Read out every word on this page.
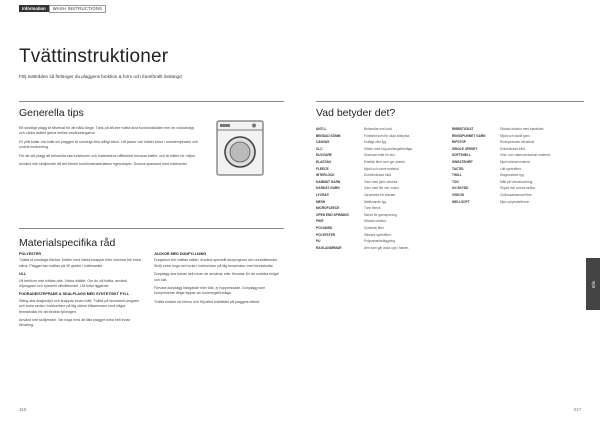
Information	WASH INSTRUCTIONS
Tvättinstruktioner
Följ tvättråden så förlänger du plaggens funktion & form och framförallt livslängd
Generella tips

Ett skickligt plagg är tillverkat för att hålla länge. Tänk på att inte tvätta dina funktionskläder mer än nödvändigt och vädra istället gärna mellan användningarna.

Fri plåt kullar och tvätt om plaggen är smutsigt eller dåligt skick. Låt jackor och kläder torka i rumstemperatur och undvik torktumling.

För att det plagg att behandla ska funktionen och materialens hållbarhet bevaras bättre, och är bättre för miljön.

Använd inte sköljmedel då det förstör funktionsmaterialens egenskaper. Dosera sparsamt med tvättmedel.

Materialspecifika råd

POLYESTER
Tvätta ut smutsiga fläckar. Kläder med hårda knappar eller sömmar blir extra slitna. Plagget kan tvättas på 40 grader i tvättmaskin.

ULL
Ull behöver inte tvättas ofta. Vädra istället. Om du vill tvätta, använd ullprogram och speciellt ulltvättmedel. Låt torka liggande.

FODRADE/STEPPADE & SKALPLAGG MED SYNTETISKT FYLL
Stäng alla dragkedjor och knappar innan tvätt. Tvätta på skonsamt program och torka sedan i torktumlare på låg värme tillsammans med några tennisbollar för att fördela fyllningen.

Använd inte sköljmedel. Var noga med att låta plagget torka helt innan förvaring.

JACKOR MED DUNFYLLNING
Dunjackor bör tvättas sällan. Använd speciellt dunprogram och duntvättmedel. Skölj extra noga och torka i torktumlare på låg temperatur med tennisbollar.

Dunplagg ska torkas helt innan de används eller förvaras för att undvika mögel och lukt.

Förvara dunplagg hängande eller löst, ej hoppressade. Dunplagg som komprimeras länge tappar sin isoleringsförmåga.

Tvätta endast vid behov och följ alltid tvättrådet på plaggets etikett.

316
Vad betyder det?
ANTI-L	Behandlat mot ludd.
BENDAD SÖMM	Förstärkt söm för ökad slitstyrka.
CANVAS	Kraftigt vävt tyg.
CLC	Kläder med hög andningsförmåga.
DUVCARE	Skonsam tvätt för dun.
ELASTAN	Elastisk fiber som ger stretch.
FLEECE	Mjukt och varmt material.
INTERLOCK	Dubbelstickad trikå.
KAMMAT GARN	Garn med jämn struktur.
KARDAT GARN	Garn med lite mer volym.
LYCRA®	Varumärke för elastan.
MESH	Nätliknande tyg.
MICROFLEECE	Tunn fleece.
OPEN END SPINNING	Metod för garnspinning.
PIKÉ	Stickad struktur.
POLYAMID	Syntetisk fiber.
POLYESTER	Slitstark syntetfiber.
PU	Polyuretanbeläggning.
RAGLANÄRMAR	Ärm som går ända upp i halsen.
RIBBSTICKAT	Stickad struktur med elasticitet.
RINGSPUNNET GARN	Mjukt och starkt garn.
RIPSTOP	Rivskyddande vävteknik.
SINGLE JERSEY	Enkelstickad trikå.
SOFTSHELL	Vind- och vattenavvisande material.
SWEATSHIRT	Mjukt stickat material.
TACTEL	Lätt syntetfiber.
TWILL	Diagonalvävt tyg.
TOG	Mått på värmeisolering.
UV-SKYDD	Skydd mot solens strålar.
VISKOS	Cellulosabaserad fiber.
WELLSOFT	Mjuk polyesterfleece.
317
Info
